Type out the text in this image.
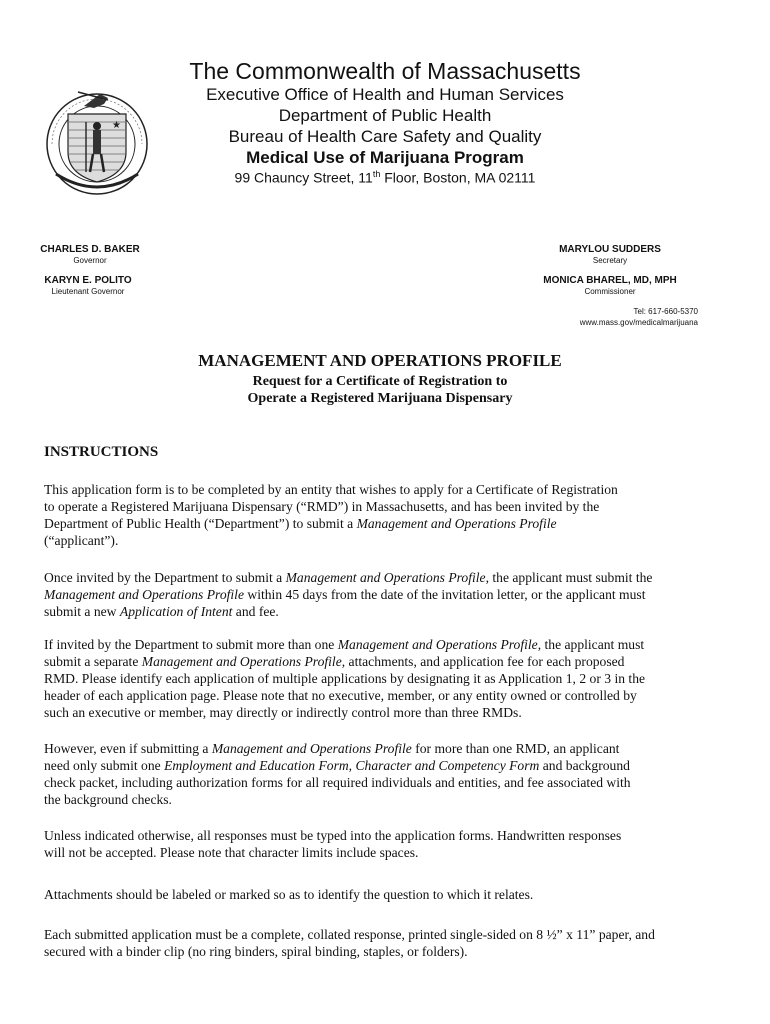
★
The Commonwealth of Massachusetts
Executive Office of Health and Human Services
Department of Public Health
Bureau of Health Care Safety and Quality
Medical Use of Marijuana Program
99 Chauncy Street, 11th Floor, Boston, MA 02111
CHARLES D. BAKER
Governor
KARYN E. POLITO
Lieutenant Governor
MARYLOU SUDDERS
Secretary
MONICA BHAREL, MD, MPH
Commissioner
Tel: 617-660-5370
www.mass.gov/medicalmarijuana
MANAGEMENT AND OPERATIONS PROFILE
Request for a Certificate of Registration to
Operate a Registered Marijuana Dispensary
INSTRUCTIONS

This application form is to be completed by an entity that wishes to apply for a Certificate of Registration

to operate a Registered Marijuana Dispensary (“RMD”) in Massachusetts, and has been invited by the

Department of Public Health (“Department”) to submit a Management and Operations Profile

(“applicant”).

Once invited by the Department to submit a Management and Operations Profile, the applicant must submit the

Management and Operations Profile within 45 days from the date of the invitation letter, or the applicant must

submit a new Application of Intent and fee.

If invited by the Department to submit more than one Management and Operations Profile, the applicant must

submit a separate Management and Operations Profile, attachments, and application fee for each proposed

RMD. Please identify each application of multiple applications by designating it as Application 1, 2 or 3 in the

header of each application page. Please note that no executive, member, or any entity owned or controlled by

such an executive or member, may directly or indirectly control more than three RMDs.

However, even if submitting a Management and Operations Profile for more than one RMD, an applicant

need only submit one Employment and Education Form, Character and Competency Form and background

check packet, including authorization forms for all required individuals and entities, and fee associated with

the background checks.

Unless indicated otherwise, all responses must be typed into the application forms. Handwritten responses

will not be accepted. Please note that character limits include spaces.

Attachments should be labeled or marked so as to identify the question to which it relates.

Each submitted application must be a complete, collated response, printed single-sided on 8 ½” x 11” paper, and

secured with a binder clip (no ring binders, spiral binding, staples, or folders).
